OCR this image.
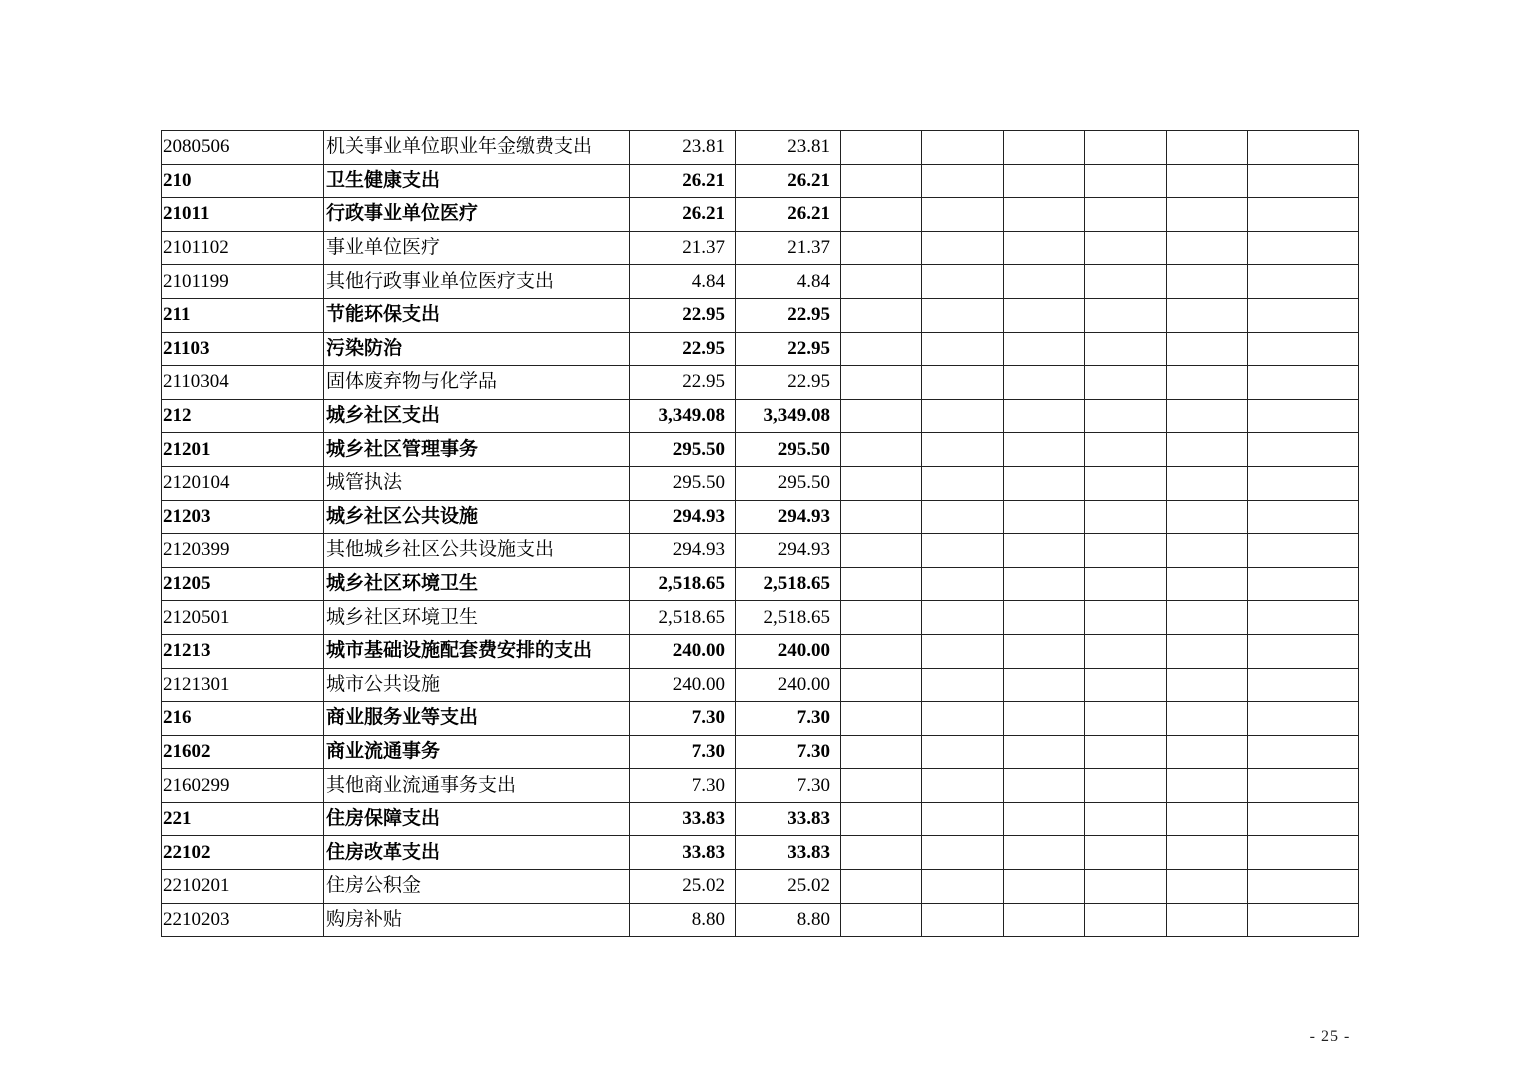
2080506	机关事业单位职业年金缴费支出	23.81	23.81						
210	卫生健康支出	26.21	26.21						
21011	行政事业单位医疗	26.21	26.21						
2101102	事业单位医疗	21.37	21.37						
2101199	其他行政事业单位医疗支出	4.84	4.84						
211	节能环保支出	22.95	22.95						
21103	污染防治	22.95	22.95						
2110304	固体废弃物与化学品	22.95	22.95						
212	城乡社区支出	3,349.08	3,349.08						
21201	城乡社区管理事务	295.50	295.50						
2120104	城管执法	295.50	295.50						
21203	城乡社区公共设施	294.93	294.93						
2120399	其他城乡社区公共设施支出	294.93	294.93						
21205	城乡社区环境卫生	2,518.65	2,518.65						
2120501	城乡社区环境卫生	2,518.65	2,518.65						
21213	城市基础设施配套费安排的支出	240.00	240.00						
2121301	城市公共设施	240.00	240.00						
216	商业服务业等支出	7.30	7.30						
21602	商业流通事务	7.30	7.30						
2160299	其他商业流通事务支出	7.30	7.30						
221	住房保障支出	33.83	33.83						
22102	住房改革支出	33.83	33.83						
2210201	住房公积金	25.02	25.02						
2210203	购房补贴	8.80	8.80						
- 25 -
